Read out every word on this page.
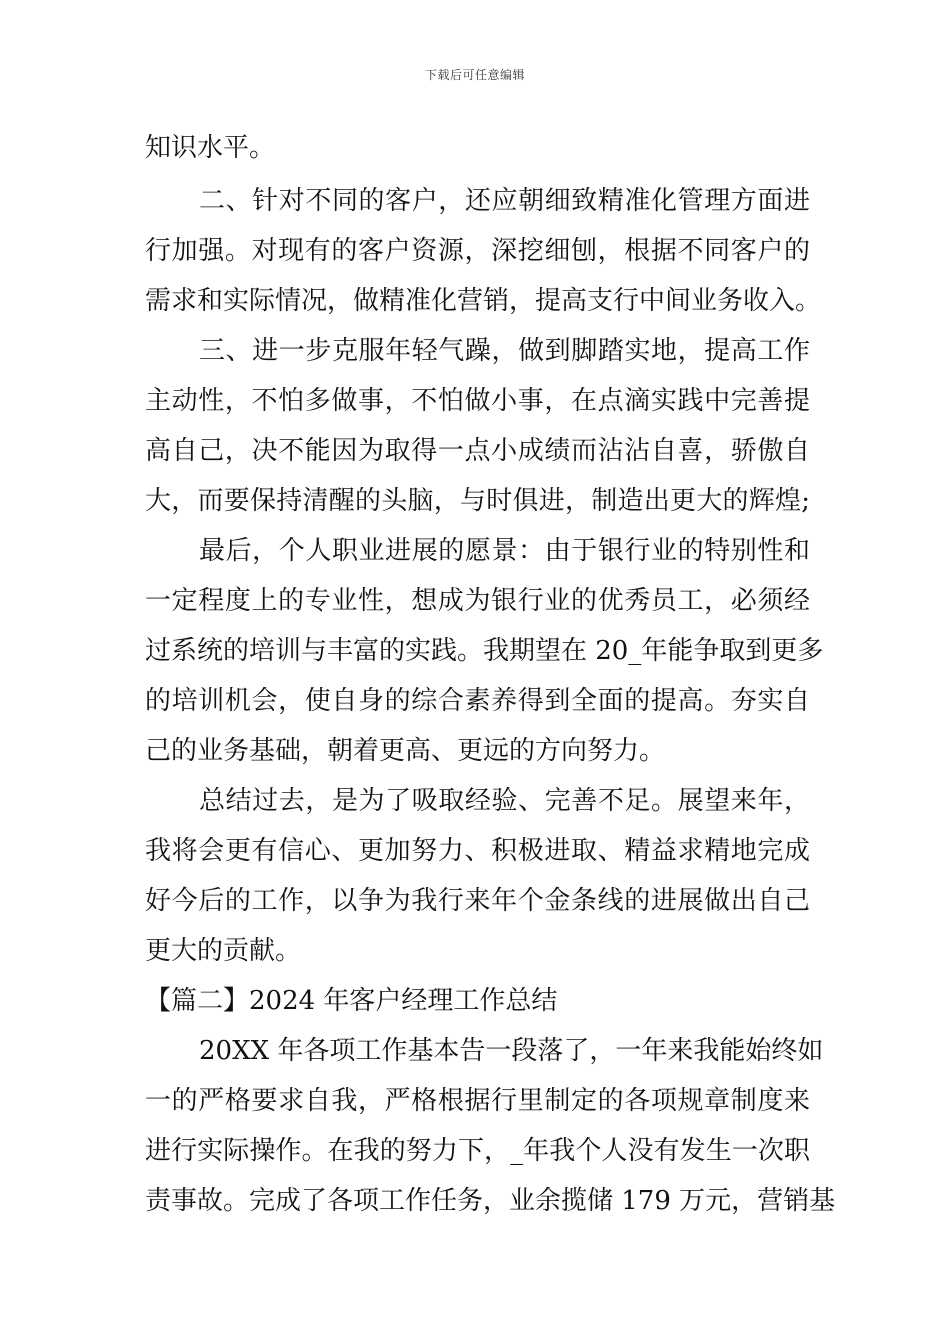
下载后可任意编辑
知识水平。
二、针对不同的客户，还应朝细致精准化管理方面进
行加强。对现有的客户资源，深挖细刨，根据不同客户的
需求和实际情况，做精准化营销，提高支行中间业务收入。
三、进一步克服年轻气躁，做到脚踏实地，提高工作
主动性，不怕多做事，不怕做小事，在点滴实践中完善提
高自己，决不能因为取得一点小成绩而沾沾自喜，骄傲自
大，而要保持清醒的头脑，与时俱进，制造出更大的辉煌;
最后，个人职业进展的愿景：由于银行业的特别性和
一定程度上的专业性，想成为银行业的优秀员工，必须经
过系统的培训与丰富的实践。我期望在 20_年能争取到更多
的培训机会，使自身的综合素养得到全面的提高。夯实自
己的业务基础，朝着更高、更远的方向努力。
总结过去，是为了吸取经验、完善不足。展望来年，
我将会更有信心、更加努力、积极进取、精益求精地完成
好今后的工作，以争为我行来年个金条线的进展做出自己
更大的贡献。
【篇二】2024 年客户经理工作总结
20XX 年各项工作基本告一段落了，一年来我能始终如
一的严格要求自我，严格根据行里制定的各项规章制度来
进行实际操作。在我的努力下，_年我个人没有发生一次职
责事故。完成了各项工作任务，业余揽储 179 万元，营销基
